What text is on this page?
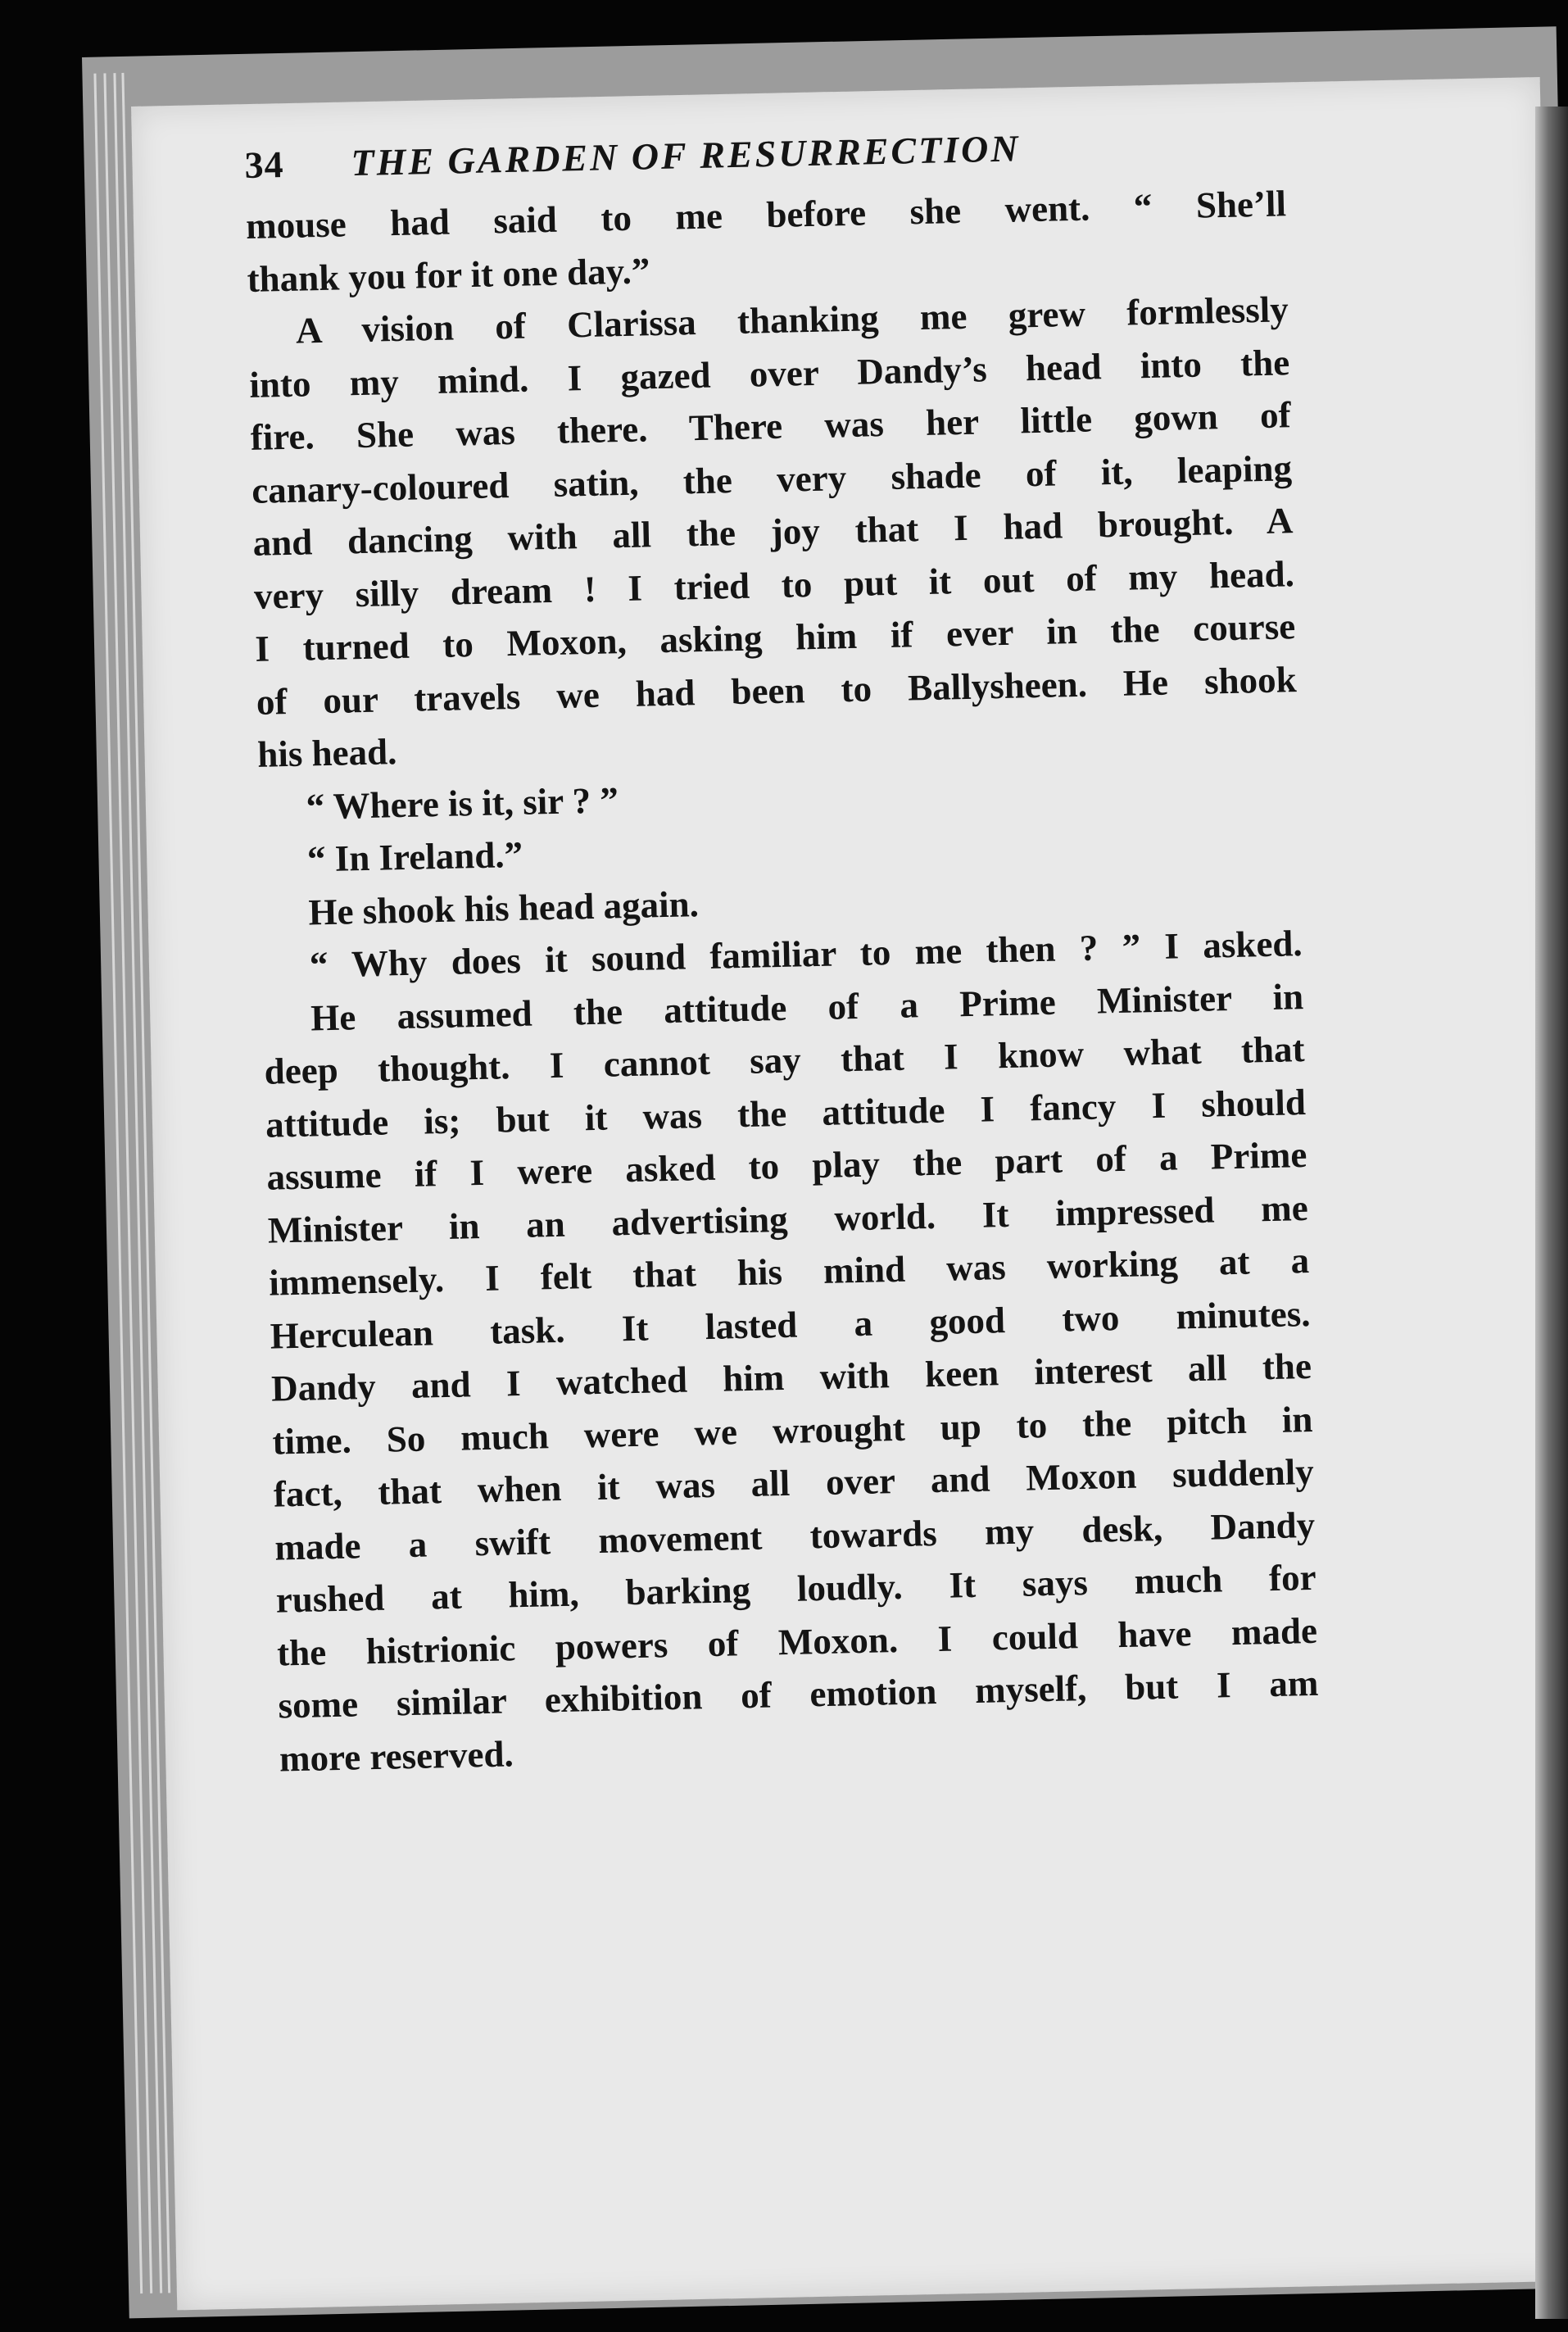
34	THE GARDEN OF RESURRECTION
mouse had said to me before she went. “ She’ll
thank you for it one day.”
A vision of Clarissa thanking me grew formlessly
into my mind. I gazed over Dandy’s head into the
fire. She was there. There was her little gown of
canary-coloured satin, the very shade of it, leaping
and dancing with all the joy that I had brought. A
very silly dream ! I tried to put it out of my head.
I turned to Moxon, asking him if ever in the course
of our travels we had been to Ballysheen. He shook
his head.
“ Where is it, sir ? ”
“ In Ireland.”
He shook his head again.
“ Why does it sound familiar to me then ? ” I asked.
He assumed the attitude of a Prime Minister in
deep thought. I cannot say that I know what that
attitude is; but it was the attitude I fancy I should
assume if I were asked to play the part of a Prime
Minister in an advertising world. It impressed me
immensely. I felt that his mind was working at a
Herculean task. It lasted a good two minutes.
Dandy and I watched him with keen interest all the
time. So much were we wrought up to the pitch in
fact, that when it was all over and Moxon suddenly
made a swift movement towards my desk, Dandy
rushed at him, barking loudly. It says much for
the histrionic powers of Moxon. I could have made
some similar exhibition of emotion myself, but I am
more reserved.
